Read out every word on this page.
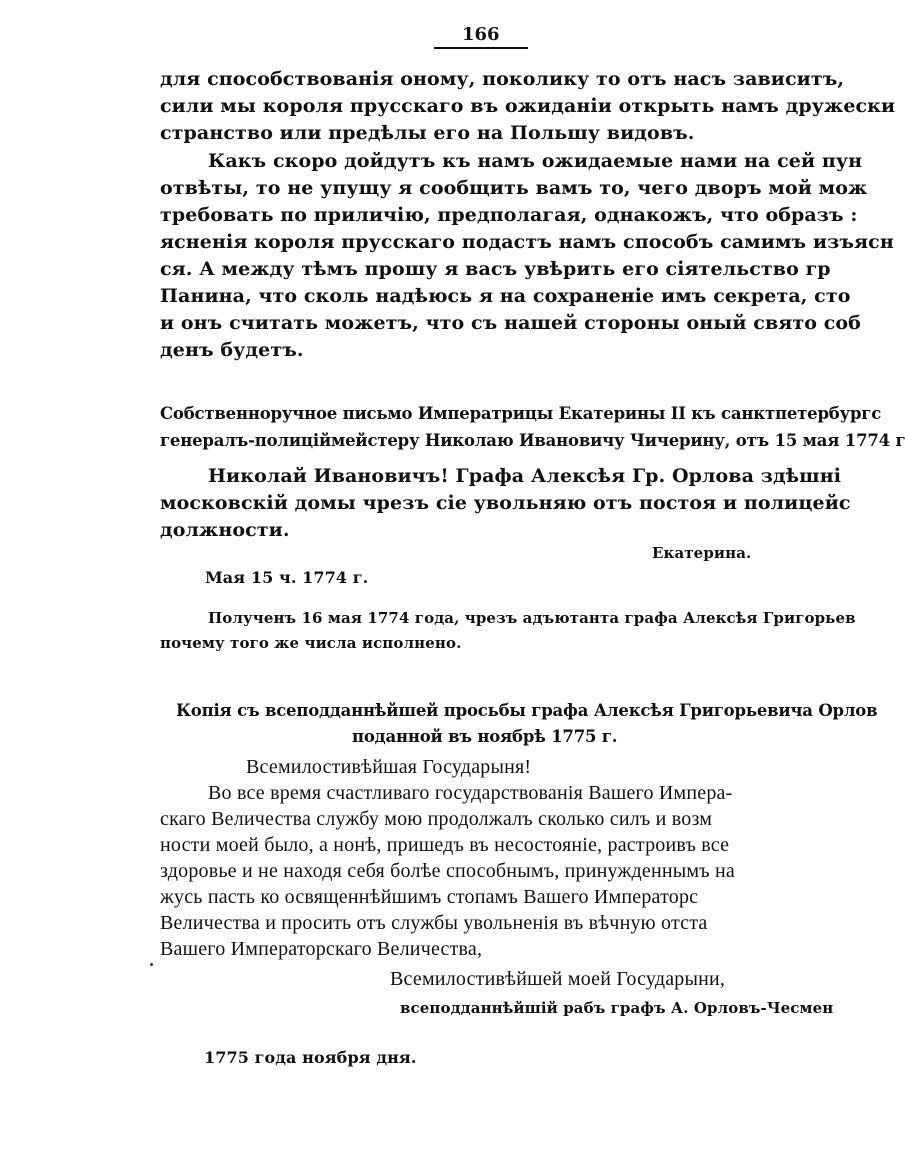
166
для способствованія оному, поколику то отъ насъ зависитъ,
сили мы короля прусскаго въ ожиданіи открыть намъ дружески
странство или предѣлы его на Польшу видовъ.
Какъ скоро дойдутъ къ намъ ожидаемые нами на сей пун
отвѣты, то не упущу я сообщить вамъ то, чего дворъ мой мож
требовать по приличію, предполагая, однакожъ, что образъ :
ясненія короля прусскаго подастъ намъ способъ самимъ изъясн
ся. А между тѣмъ прошу я васъ увѣрить его сіятельство гр
Панина, что сколь надѣюсь я на сохраненіе имъ секрета, сто
и онъ считать можетъ, что съ нашей стороны оный свято соб
денъ будетъ.
Собственноручное письмо Императрицы Екатерины II къ санктпетербургс
генералъ-полицiймейстеру Николаю Ивановичу Чичерину, отъ 15 мая 1774 г
Николай Ивановичъ! Графа Алексѣя Гр. Орлова здѣшні
московскій домы чрезъ сіе увольняю отъ постоя и полицейс
должности.
Екатерина.
Мая 15 ч. 1774 г.
Полученъ 16 мая 1774 года, чрезъ адъютанта графа Алексѣя Григорьев
почему того же числа исполнено.
Копія съ всеподданнѣйшей просьбы графа Алексѣя Григорьевича Орлов
поданной въ ноябрѣ 1775 г.
Всемилостивѣйшая Государыня!
Во все время счастливаго государствованія Вашего Импера-
скаго Величества службу мою продолжалъ сколько силъ и возм
ности моей было, а нонѣ, пришедъ въ несостояніе, растроивъ все
здоровье и не находя себя болѣе способнымъ, принужденнымъ на
жусь пасть ко освященнѣйшимъ стопамъ Вашего Императорс
Величества и просить отъ службы увольненія въ вѣчную отста
Вашего Императорскаго Величества,
Всемилостивѣйшей моей Государыни,
всеподданнѣйшій рабъ графъ А. Орловъ-Чесмен
1775 года ноября дня.
